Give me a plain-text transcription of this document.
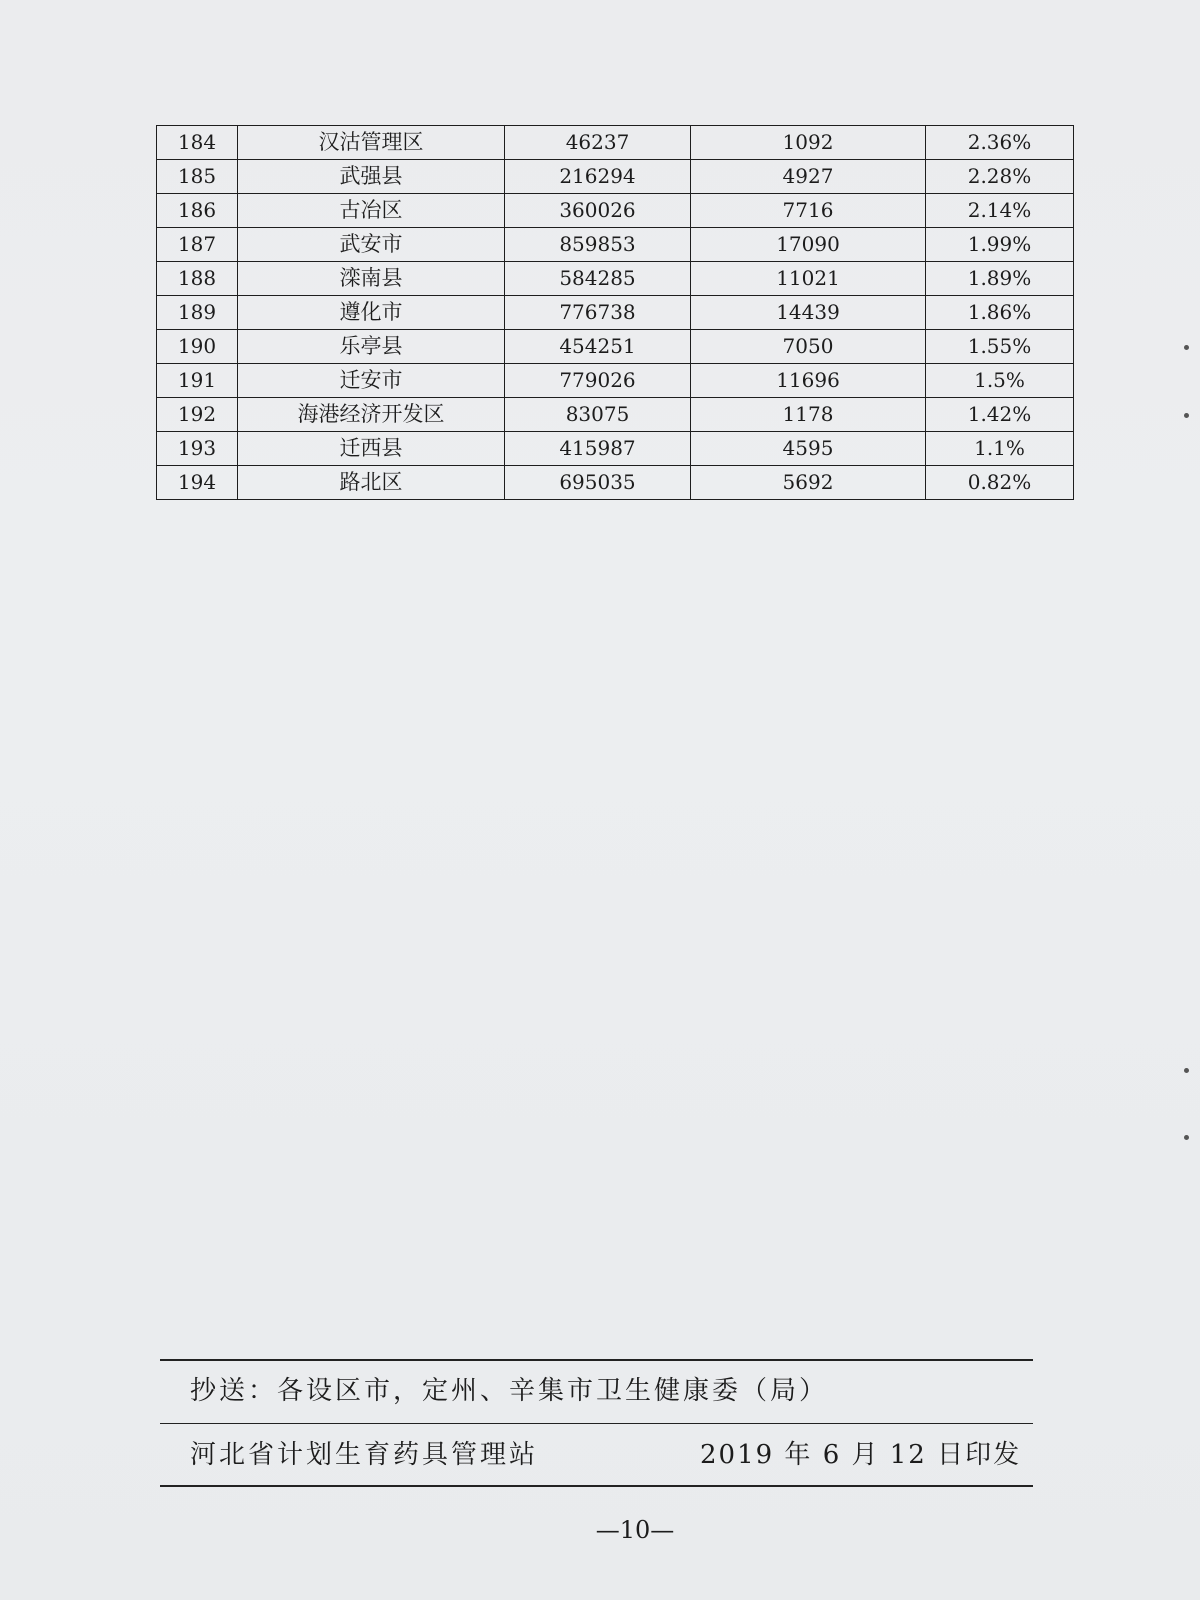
184	汉沽管理区	46237	1092	2.36%
185	武强县	216294	4927	2.28%
186	古冶区	360026	7716	2.14%
187	武安市	859853	17090	1.99%
188	滦南县	584285	11021	1.89%
189	遵化市	776738	14439	1.86%
190	乐亭县	454251	7050	1.55%
191	迁安市	779026	11696	1.5%
192	海港经济开发区	83075	1178	1.42%
193	迁西县	415987	4595	1.1%
194	路北区	695035	5692	0.82%
抄送：各设区市，定州、辛集市卫生健康委（局）
河北省计划生育药具管理站	2019 年 6 月 12 日印发
—10—
